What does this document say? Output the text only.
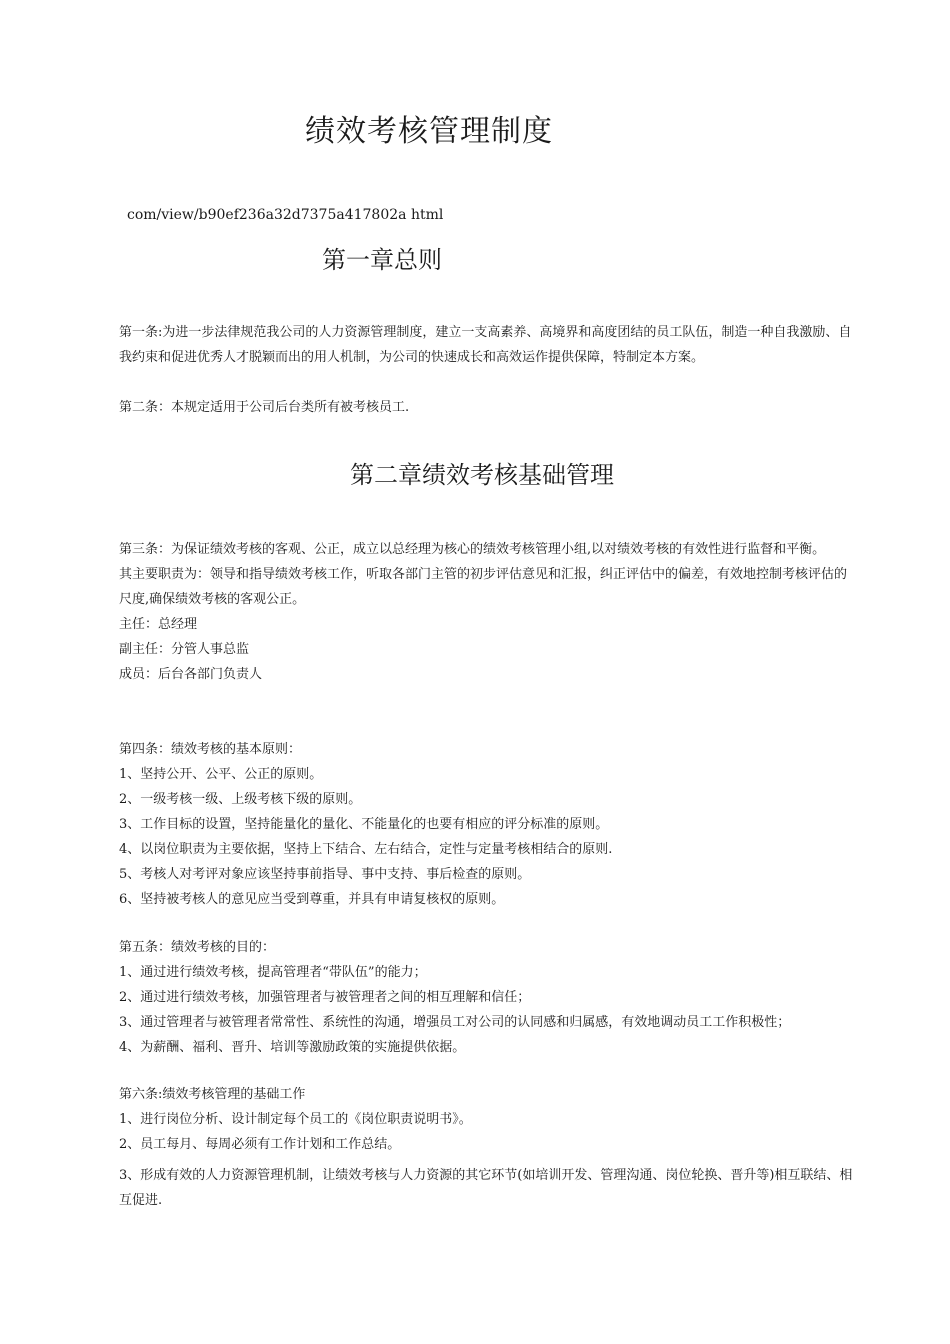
绩效考核管理制度
com/view/b90ef236a32d7375a417802a html
第一章总则

第一条:为进一步法律规范我公司的人力资源管理制度，建立一支高素养、高境界和高度团结的员工队伍，制造一种自我激励、自我约束和促进优秀人才脱颖而出的用人机制，为公司的快速成长和高效运作提供保障，特制定本方案。

第二条：本规定适用于公司后台类所有被考核员工.

第二章绩效考核基础管理

第三条：为保证绩效考核的客观、公正，成立以总经理为核心的绩效考核管理小组,以对绩效考核的有效性进行监督和平衡。

其主要职责为：领导和指导绩效考核工作，听取各部门主管的初步评估意见和汇报，纠正评估中的偏差，有效地控制考核评估的尺度,确保绩效考核的客观公正。

主任：总经理

副主任：分管人事总监

成员：后台各部门负责人

第四条：绩效考核的基本原则：

1、坚持公开、公平、公正的原则。

2、一级考核一级、上级考核下级的原则。

3、工作目标的设置，坚持能量化的量化、不能量化的也要有相应的评分标准的原则。

4、以岗位职责为主要依据，坚持上下结合、左右结合，定性与定量考核相结合的原则.

5、考核人对考评对象应该坚持事前指导、事中支持、事后检查的原则。

6、坚持被考核人的意见应当受到尊重，并具有申请复核权的原则。

第五条：绩效考核的目的：

1、通过进行绩效考核，提高管理者“带队伍”的能力；

2、通过进行绩效考核，加强管理者与被管理者之间的相互理解和信任；

3、通过管理者与被管理者常常性、系统性的沟通，增强员工对公司的认同感和归属感，有效地调动员工工作积极性；

4、为薪酬、福利、晋升、培训等激励政策的实施提供依据。

第六条:绩效考核管理的基础工作

1、进行岗位分析、设计制定每个员工的《岗位职责说明书》。

2、员工每月、每周必须有工作计划和工作总结。

3、形成有效的人力资源管理机制，让绩效考核与人力资源的其它环节(如培训开发、管理沟通、岗位轮换、晋升等)相互联结、相互促进.
